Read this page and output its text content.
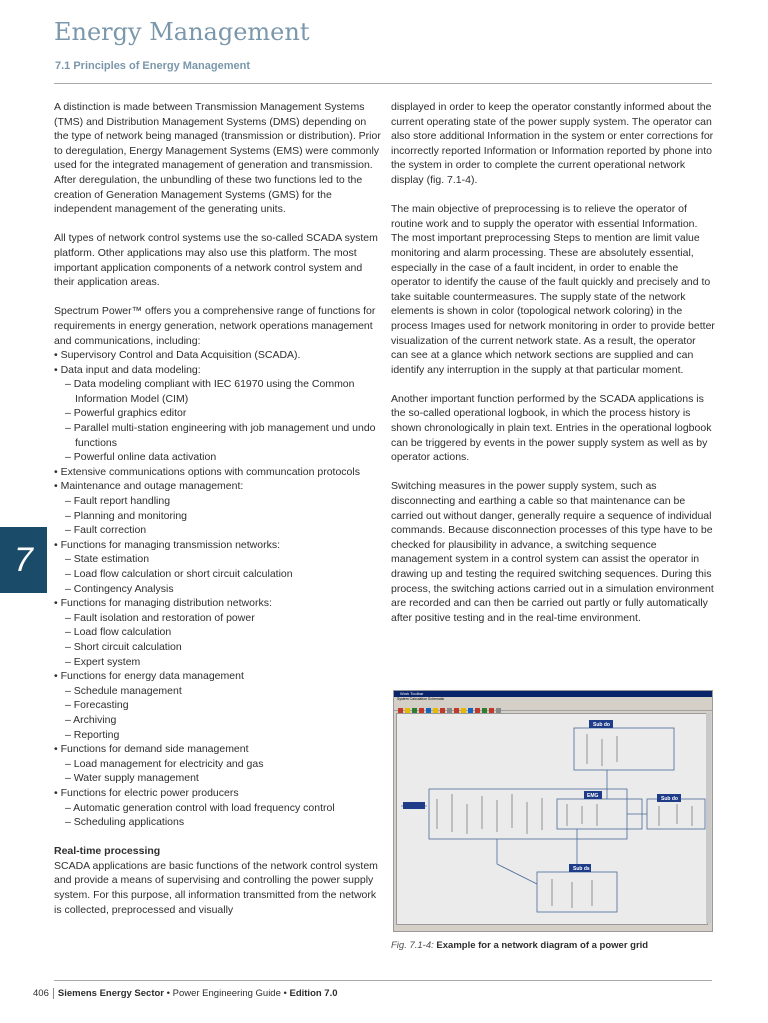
Energy Management
7.1 Principles of Energy Management
7

A distinction is made between Transmission Management Systems (TMS) and Distribution Management Systems (DMS) depending on the type of network being managed (transmission or distribution). Prior to deregulation, Energy Management Systems (EMS) were commonly used for the integrated management of generation and transmission. After deregulation, the unbundling of these two functions led to the creation of Generation Management Systems (GMS) for the independent management of the generating units.

All types of network control systems use the so-called SCADA system platform. Other applications may also use this platform. The most important application components of a network control system and their application areas.

Spectrum Power™ offers you a comprehensive range of functions for requirements in energy generation, network operations management and communications, including:

• Supervisory Control and Data Acquisition (SCADA).
• Data input and data modeling:
– Data modeling compliant with IEC 61970 using the Common Information Model (CIM)
– Powerful graphics editor
– Parallel multi-station engineering with job management und undo functions
– Powerful online data activation
• Extensive communications options with communcation protocols
• Maintenance and outage management:
– Fault report handling
– Planning and monitoring
– Fault correction
• Functions for managing transmission networks:
– State estimation
– Load flow calculation or short circuit calculation
– Contingency Analysis
• Functions for managing distribution networks:
– Fault isolation and restoration of power
– Load flow calculation
– Short circuit calculation
– Expert system
• Functions for energy data management
– Schedule management
– Forecasting
– Archiving
– Reporting
• Functions for demand side management
– Load management for electricity and gas
– Water supply management
• Functions for electric power producers
– Automatic generation control with load frequency control
– Scheduling applications

Real-time processing

SCADA applications are basic functions of the network control system and provide a means of supervising and controlling the power supply system. For this purpose, all information transmitted from the network is collected, preprocessed and visually

displayed in order to keep the operator constantly informed about the current operating state of the power supply system. The operator can also store additional Information in the system or enter corrections for incorrectly reported Information or Information reported by phone into the system in order to complete the current operational network display (fig. 7.1-4).

The main objective of preprocessing is to relieve the operator of routine work and to supply the operator with essential Information. The most important preprocessing Steps to mention are limit value monitoring and alarm processing. These are absolutely essential, especially in the case of a fault incident, in order to enable the operator to identify the cause of the fault quickly and precisely and to take suitable countermeasures. The supply state of the network elements is shown in color (topological network coloring) in the process Images used for network monitoring in order to provide better visualization of the current network state. As a result, the operator can see at a glance which network sections are supplied and can identify any interruption in the supply at that particular moment.

Another important function performed by the SCADA applications is the so-called operational logbook, in which the process history is shown chronologically in plain text. Entries in the operational logbook can be triggered by events in the power supply system as well as by operator actions.

Switching measures in the power supply system, such as disconnecting and earthing a cable so that maintenance can be carried out without danger, generally require a sequence of individual commands. Because disconnection processes of this type have to be checked for plausibility in advance, a switching sequence management system in a control system can assist the operator in drawing up and testing the required switching sequences. During this process, the switching actions carried out in a simulation environment are recorded and can then be carried out partly or fully automatically after positive testing and in the real-time environment.

Work Toolbar
System Calculation Schematic
Sub do
Sub do
Sub ds
EMG
Fig. 7.1-4: Example for a network diagram of a power grid
406 Siemens Energy Sector • Power Engineering Guide • Edition 7.0
